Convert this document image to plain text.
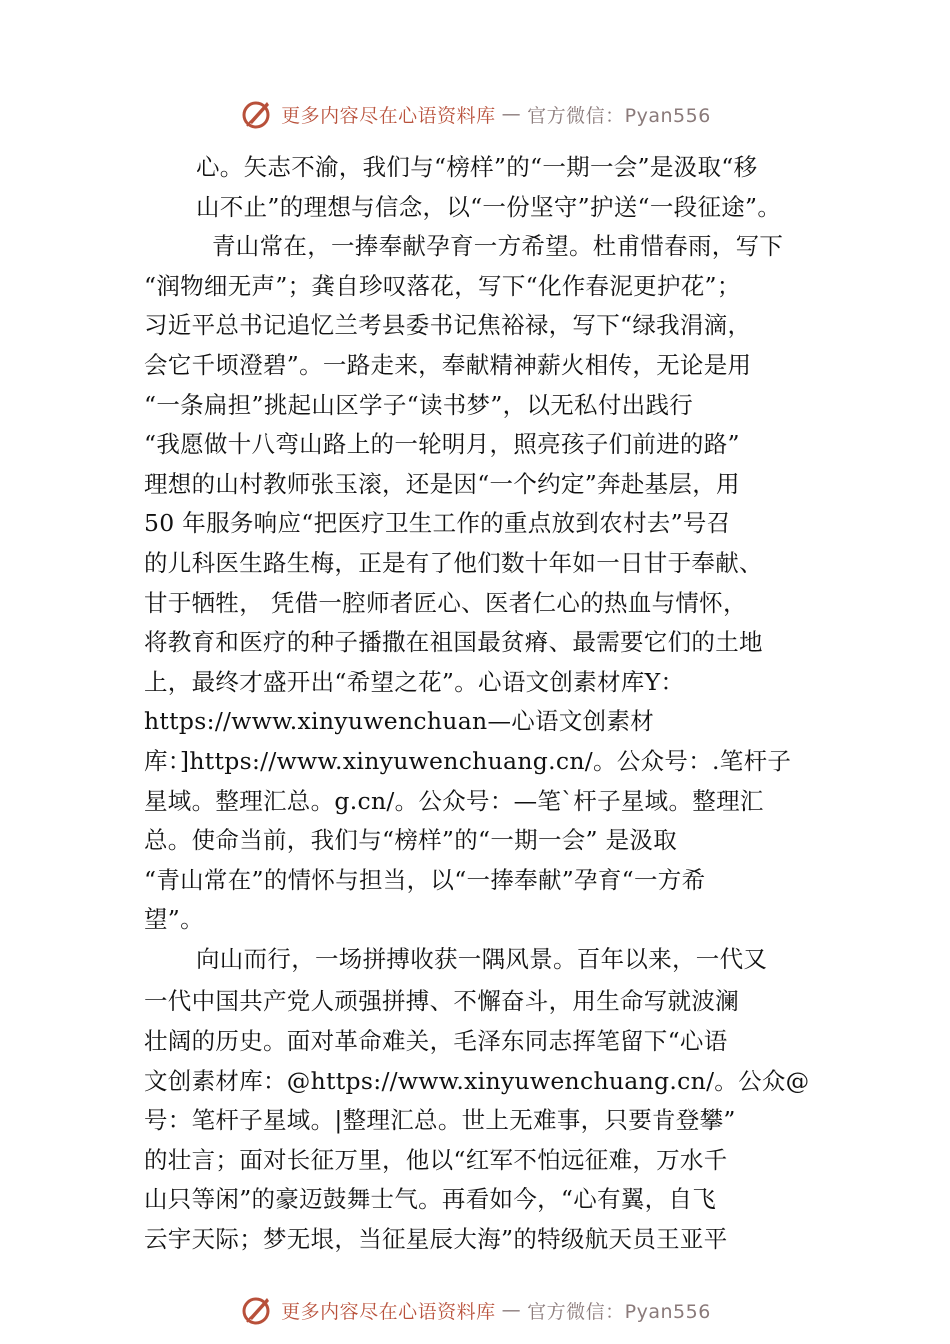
更多内容尽在心语资料库 — 官方微信：Pyan556
心。矢志不渝，我们与“榜样”的“一期一会”是汲取“移
山不止”的理想与信念，以“一份坚守”护送“一段征途”。
青山常在，一捧奉献孕育一方希望。杜甫惜春雨，写下
“润物细无声”；龚自珍叹落花，写下“化作春泥更护花”；
习近平总书记追忆兰考县委书记焦裕禄，写下“绿我涓滴，
会它千顷澄碧”。一路走来，奉献精神薪火相传，无论是用
“一条扁担”挑起山区学子“读书梦”，以无私付出践行
“我愿做十八弯山路上的一轮明月，照亮孩子们前进的路”
理想的山村教师张玉滚，还是因“一个约定”奔赴基层，用
50 年服务响应“把医疗卫生工作的重点放到农村去”号召
的儿科医生路生梅，正是有了他们数十年如一日甘于奉献、
甘于牺牲， 凭借一腔师者匠心、医者仁心的热血与情怀，
将教育和医疗的种子播撒在祖国最贫瘠、最需要它们的土地
上，最终才盛开出“希望之花”。心语文创素材库Y：
https://www.xinyuwenchuan—心语文创素材
库：]https://www.xinyuwenchuang.cn/。公众号：.笔杆子
星域。整理汇总。g.cn/。公众号：—笔`杆子星域。整理汇
总。使命当前，我们与“榜样”的“一期一会” 是汲取
“青山常在”的情怀与担当，以“一捧奉献”孕育“一方希
望”。
向山而行，一场拼搏收获一隅风景。百年以来，一代又
一代中国共产党人顽强拼搏、不懈奋斗，用生命写就波澜
壮阔的历史。面对革命难关，毛泽东同志挥笔留下“心语
文创素材库：@https://www.xinyuwenchuang.cn/。公众@
号：笔杆子星域。|整理汇总。世上无难事，只要肯登攀”
的壮言；面对长征万里，他以“红军不怕远征难，万水千
山只等闲”的豪迈鼓舞士气。再看如今，“心有翼，自飞
云宇天际；梦无垠，当征星辰大海”的特级航天员王亚平
更多内容尽在心语资料库 — 官方微信：Pyan556
